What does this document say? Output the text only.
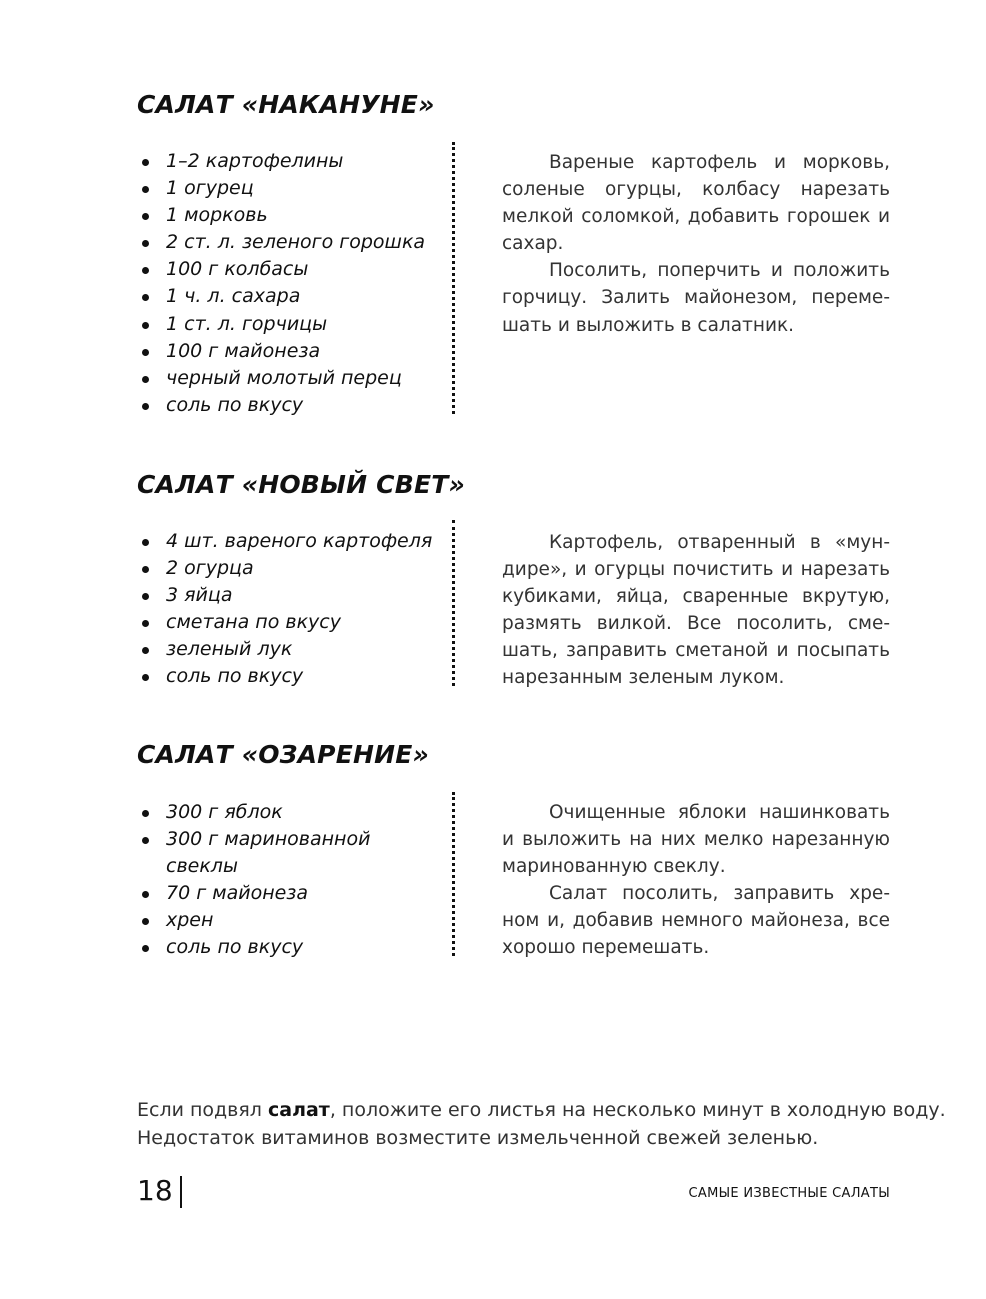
САЛАТ «НАКАНУНЕ»
1–2 картофелины
1 огурец
1 морковь
2 ст. л. зеленого горошка
100 г колбасы
1 ч. л. сахара
1 ст. л. горчицы
100 г майонеза
черный молотый перец
соль по вкусу
Вареные картофель и морковь,
соленые огурцы, колбасу нарезать
мелкой соломкой, добавить горошек и
сахар.
Посолить, поперчить и положить
горчицу. Залить майонезом, переме-
шать и выложить в салатник.
САЛАТ «НОВЫЙ СВЕТ»
4 шт. вареного картофеля
2 огурца
3 яйца
сметана по вкусу
зеленый лук
соль по вкусу
Картофель, отваренный в «мун-
дире», и огурцы почистить и нарезать
кубиками, яйца, сваренные вкрутую,
размять вилкой. Все посолить, сме-
шать, заправить сметаной и посыпать
нарезанным зеленым луком.
САЛАТ «ОЗАРЕНИЕ»
300 г яблок
300 г маринованной
свеклы
70 г майонеза
хрен
соль по вкусу
Очищенные яблоки нашинковать
и выложить на них мелко нарезанную
маринованную свеклу.
Салат посолить, заправить хре-
ном и, добавив немного майонеза, все
хорошо перемешать.
Если подвял салат, положите его листья на несколько минут в холодную воду.
Недостаток витаминов возместите измельченной свежей зеленью.
18	САМЫЕ ИЗВЕСТНЫЕ САЛАТЫ
